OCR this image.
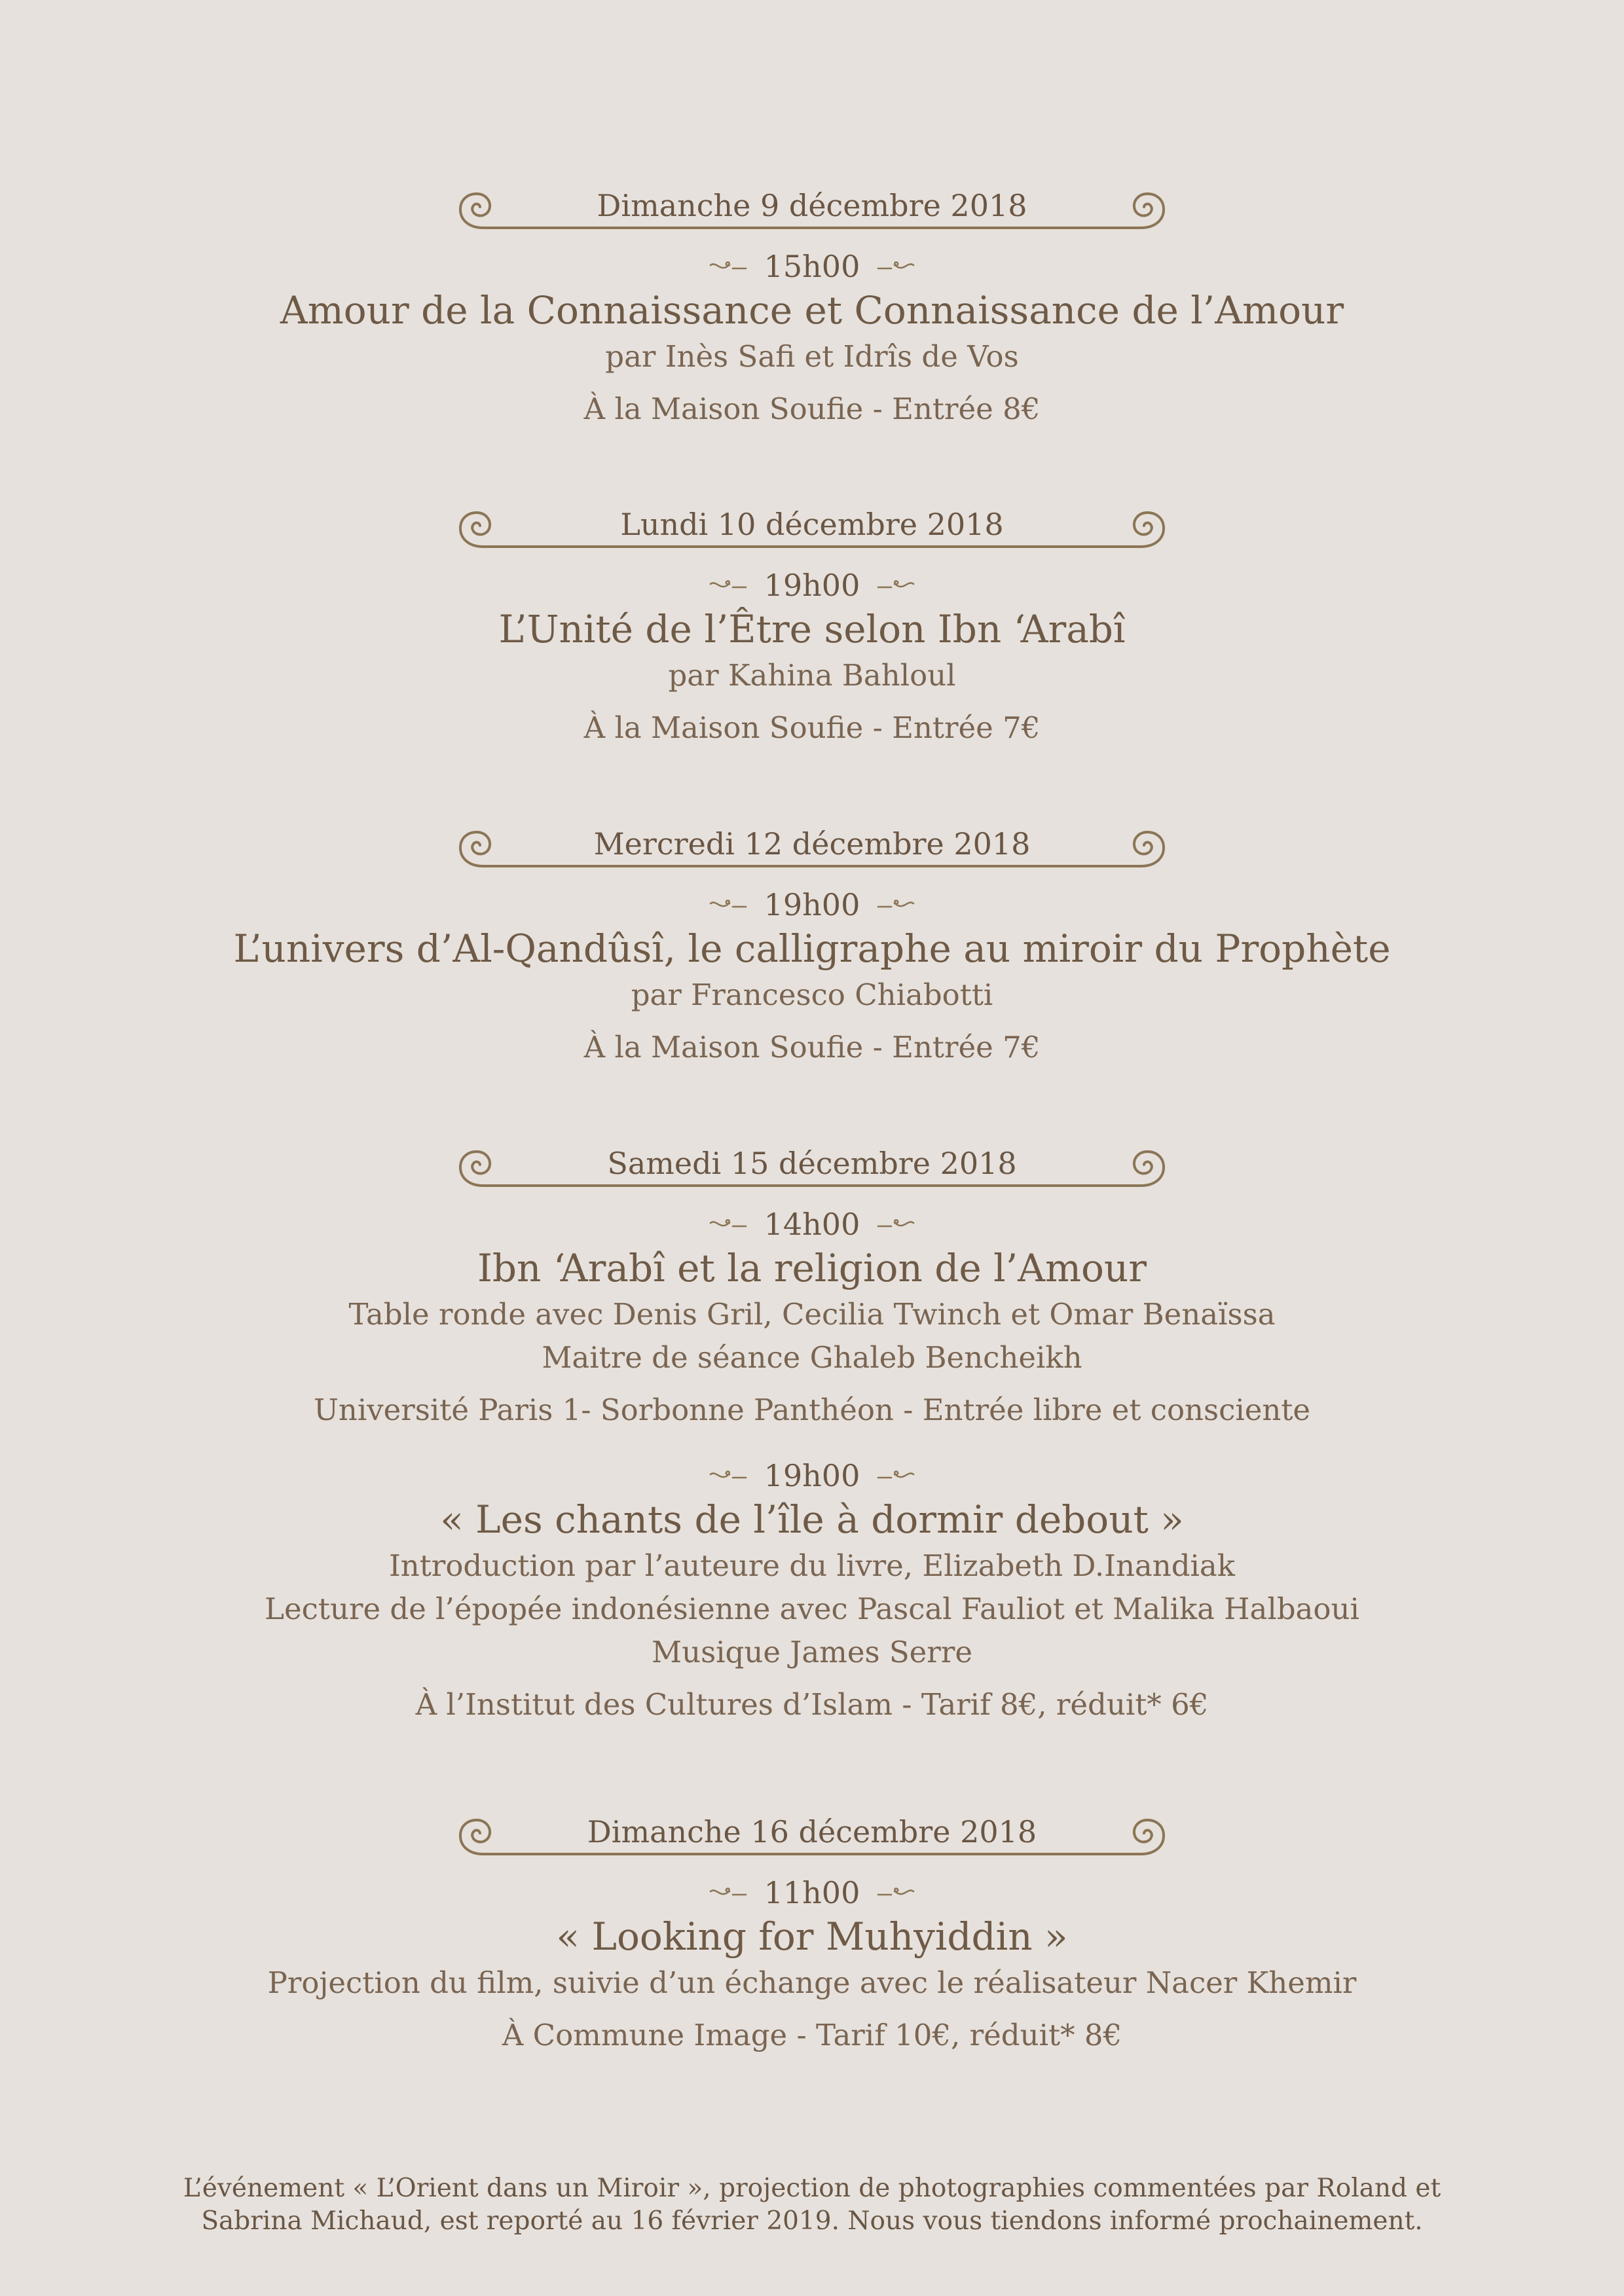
Dimanche 9 décembre 2018
15h00
Amour de la Connaissance et Connaissance de l’Amour
par Inès Safi et Idrîs de Vos
À la Maison Soufie - Entrée 8€
Lundi 10 décembre 2018
19h00
L’Unité de l’Être selon Ibn ‘Arabî
par Kahina Bahloul
À la Maison Soufie - Entrée 7€
Mercredi 12 décembre 2018
19h00
L’univers d’Al-Qandûsî, le calligraphe au miroir du Prophète
par Francesco Chiabotti
À la Maison Soufie - Entrée 7€
Samedi 15 décembre 2018
14h00
Ibn ‘Arabî et la religion de l’Amour
Table ronde avec Denis Gril, Cecilia Twinch et Omar Benaïssa
Maitre de séance Ghaleb Bencheikh
Université Paris 1- Sorbonne Panthéon - Entrée libre et consciente
19h00
« Les chants de l’île à dormir debout »
Introduction par l’auteure du livre, Elizabeth D.Inandiak
Lecture de l’épopée indonésienne avec Pascal Fauliot et Malika Halbaoui
Musique James Serre
À l’Institut des Cultures d’Islam - Tarif 8€, réduit* 6€
Dimanche 16 décembre 2018
11h00
« Looking for Muhyiddin »
Projection du film, suivie d’un échange avec le réalisateur Nacer Khemir
À Commune Image - Tarif 10€, réduit* 8€
L’événement « L’Orient dans un Miroir », projection de photographies commentées par Roland et
Sabrina Michaud, est reporté au 16 février 2019. Nous vous tiendons informé prochainement.
